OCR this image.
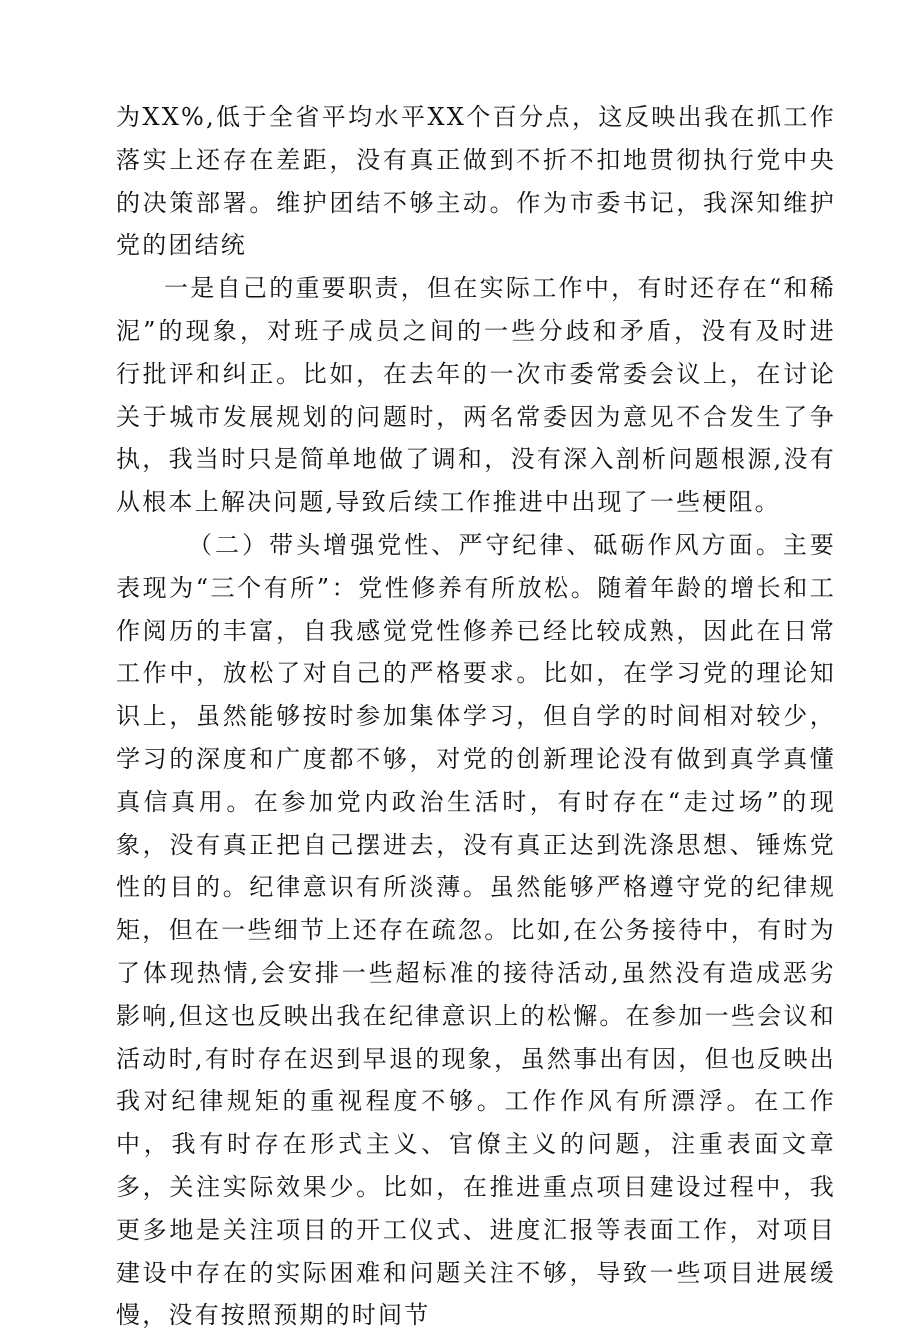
为XX%,低于全省平均水平XX个百分点，这反映出我在抓工作落实上还存在差距，没有真正做到不折不扣地贯彻执行党中央的决策部署。维护团结不够主动。作为市委书记，我深知维护党的团结统

一是自己的重要职责，但在实际工作中，有时还存在“和稀泥”的现象，对班子成员之间的一些分歧和矛盾，没有及时进行批评和纠正。比如，在去年的一次市委常委会议上，在讨论关于城市发展规划的问题时，两名常委因为意见不合发生了争执，我当时只是简单地做了调和，没有深入剖析问题根源,没有从根本上解决问题,导致后续工作推进中出现了一些梗阻。

（二）带头增强党性、严守纪律、砥砺作风方面。主要表现为“三个有所”：党性修养有所放松。随着年龄的增长和工作阅历的丰富，自我感觉党性修养已经比较成熟，因此在日常工作中，放松了对自己的严格要求。比如，在学习党的理论知识上，虽然能够按时参加集体学习，但自学的时间相对较少，学习的深度和广度都不够，对党的创新理论没有做到真学真懂真信真用。在参加党内政治生活时，有时存在“走过场”的现象，没有真正把自己摆进去，没有真正达到洗涤思想、锤炼党性的目的。纪律意识有所淡薄。虽然能够严格遵守党的纪律规矩，但在一些细节上还存在疏忽。比如,在公务接待中，有时为了体现热情,会安排一些超标准的接待活动,虽然没有造成恶劣影响,但这也反映出我在纪律意识上的松懈。在参加一些会议和活动时,有时存在迟到早退的现象，虽然事出有因，但也反映出我对纪律规矩的重视程度不够。工作作风有所漂浮。在工作中，我有时存在形式主义、官僚主义的问题，注重表面文章多，关注实际效果少。比如，在推进重点项目建设过程中，我更多地是关注项目的开工仪式、进度汇报等表面工作，对项目建设中存在的实际困难和问题关注不够，导致一些项目进展缓慢，没有按照预期的时间节
